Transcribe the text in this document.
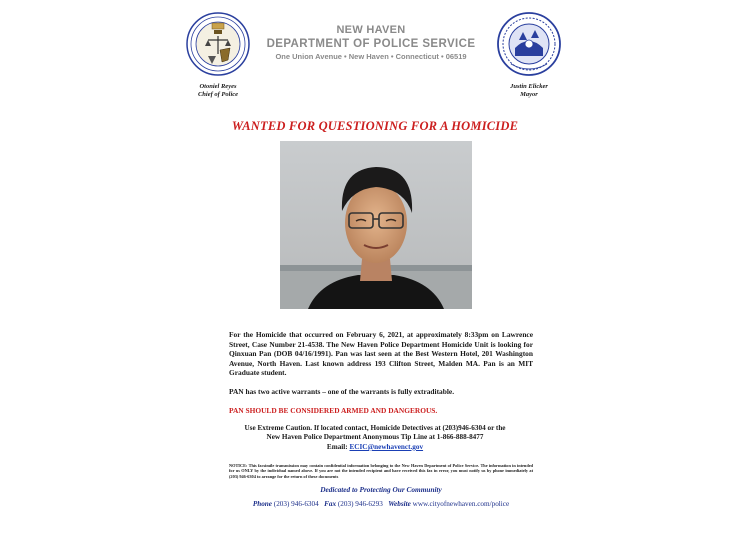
Otoniel Reyes
Chief of Police
Justin Elicker
Mayor
NEW HAVEN
DEPARTMENT OF POLICE SERVICE
One Union Avenue • New Haven • Connecticut • 06519
WANTED FOR QUESTIONING FOR A HOMICIDE
For the Homicide that occurred on February 6, 2021, at approximately 8:33pm on Lawrence Street, Case Number 21-4538. The New Haven Police Department Homicide Unit is looking for Qinxuan Pan (DOB 04/16/1991). Pan was last seen at the Best Western Hotel, 201 Washington Avenue, North Haven. Last known address 193 Clifton Street, Malden MA. Pan is an MIT Graduate student.
PAN has two active warrants – one of the warrants is fully extraditable.
PAN SHOULD BE CONSIDERED ARMED AND DANGEROUS.
Use Extreme Caution. If located contact, Homicide Detectives at (203)946-6304 or the
New Haven Police Department Anonymous Tip Line at 1-866-888-8477
Email: ECIC@newhavenct.gov
NOTICE: This facsimile transmission may contain confidential information belonging to the New Haven Department of Police Service. The information in intended for us ONLY by the individual named above. If you are not the intended recipient and have received this fax in error, you must notify us by phone immediately at (203) 946-6304 to arrange for the return of these documents
Dedicated to Protecting Our Community
Phone (203) 946-6304 Fax (203) 946-6293 Website www.cityofnewhaven.com/police
